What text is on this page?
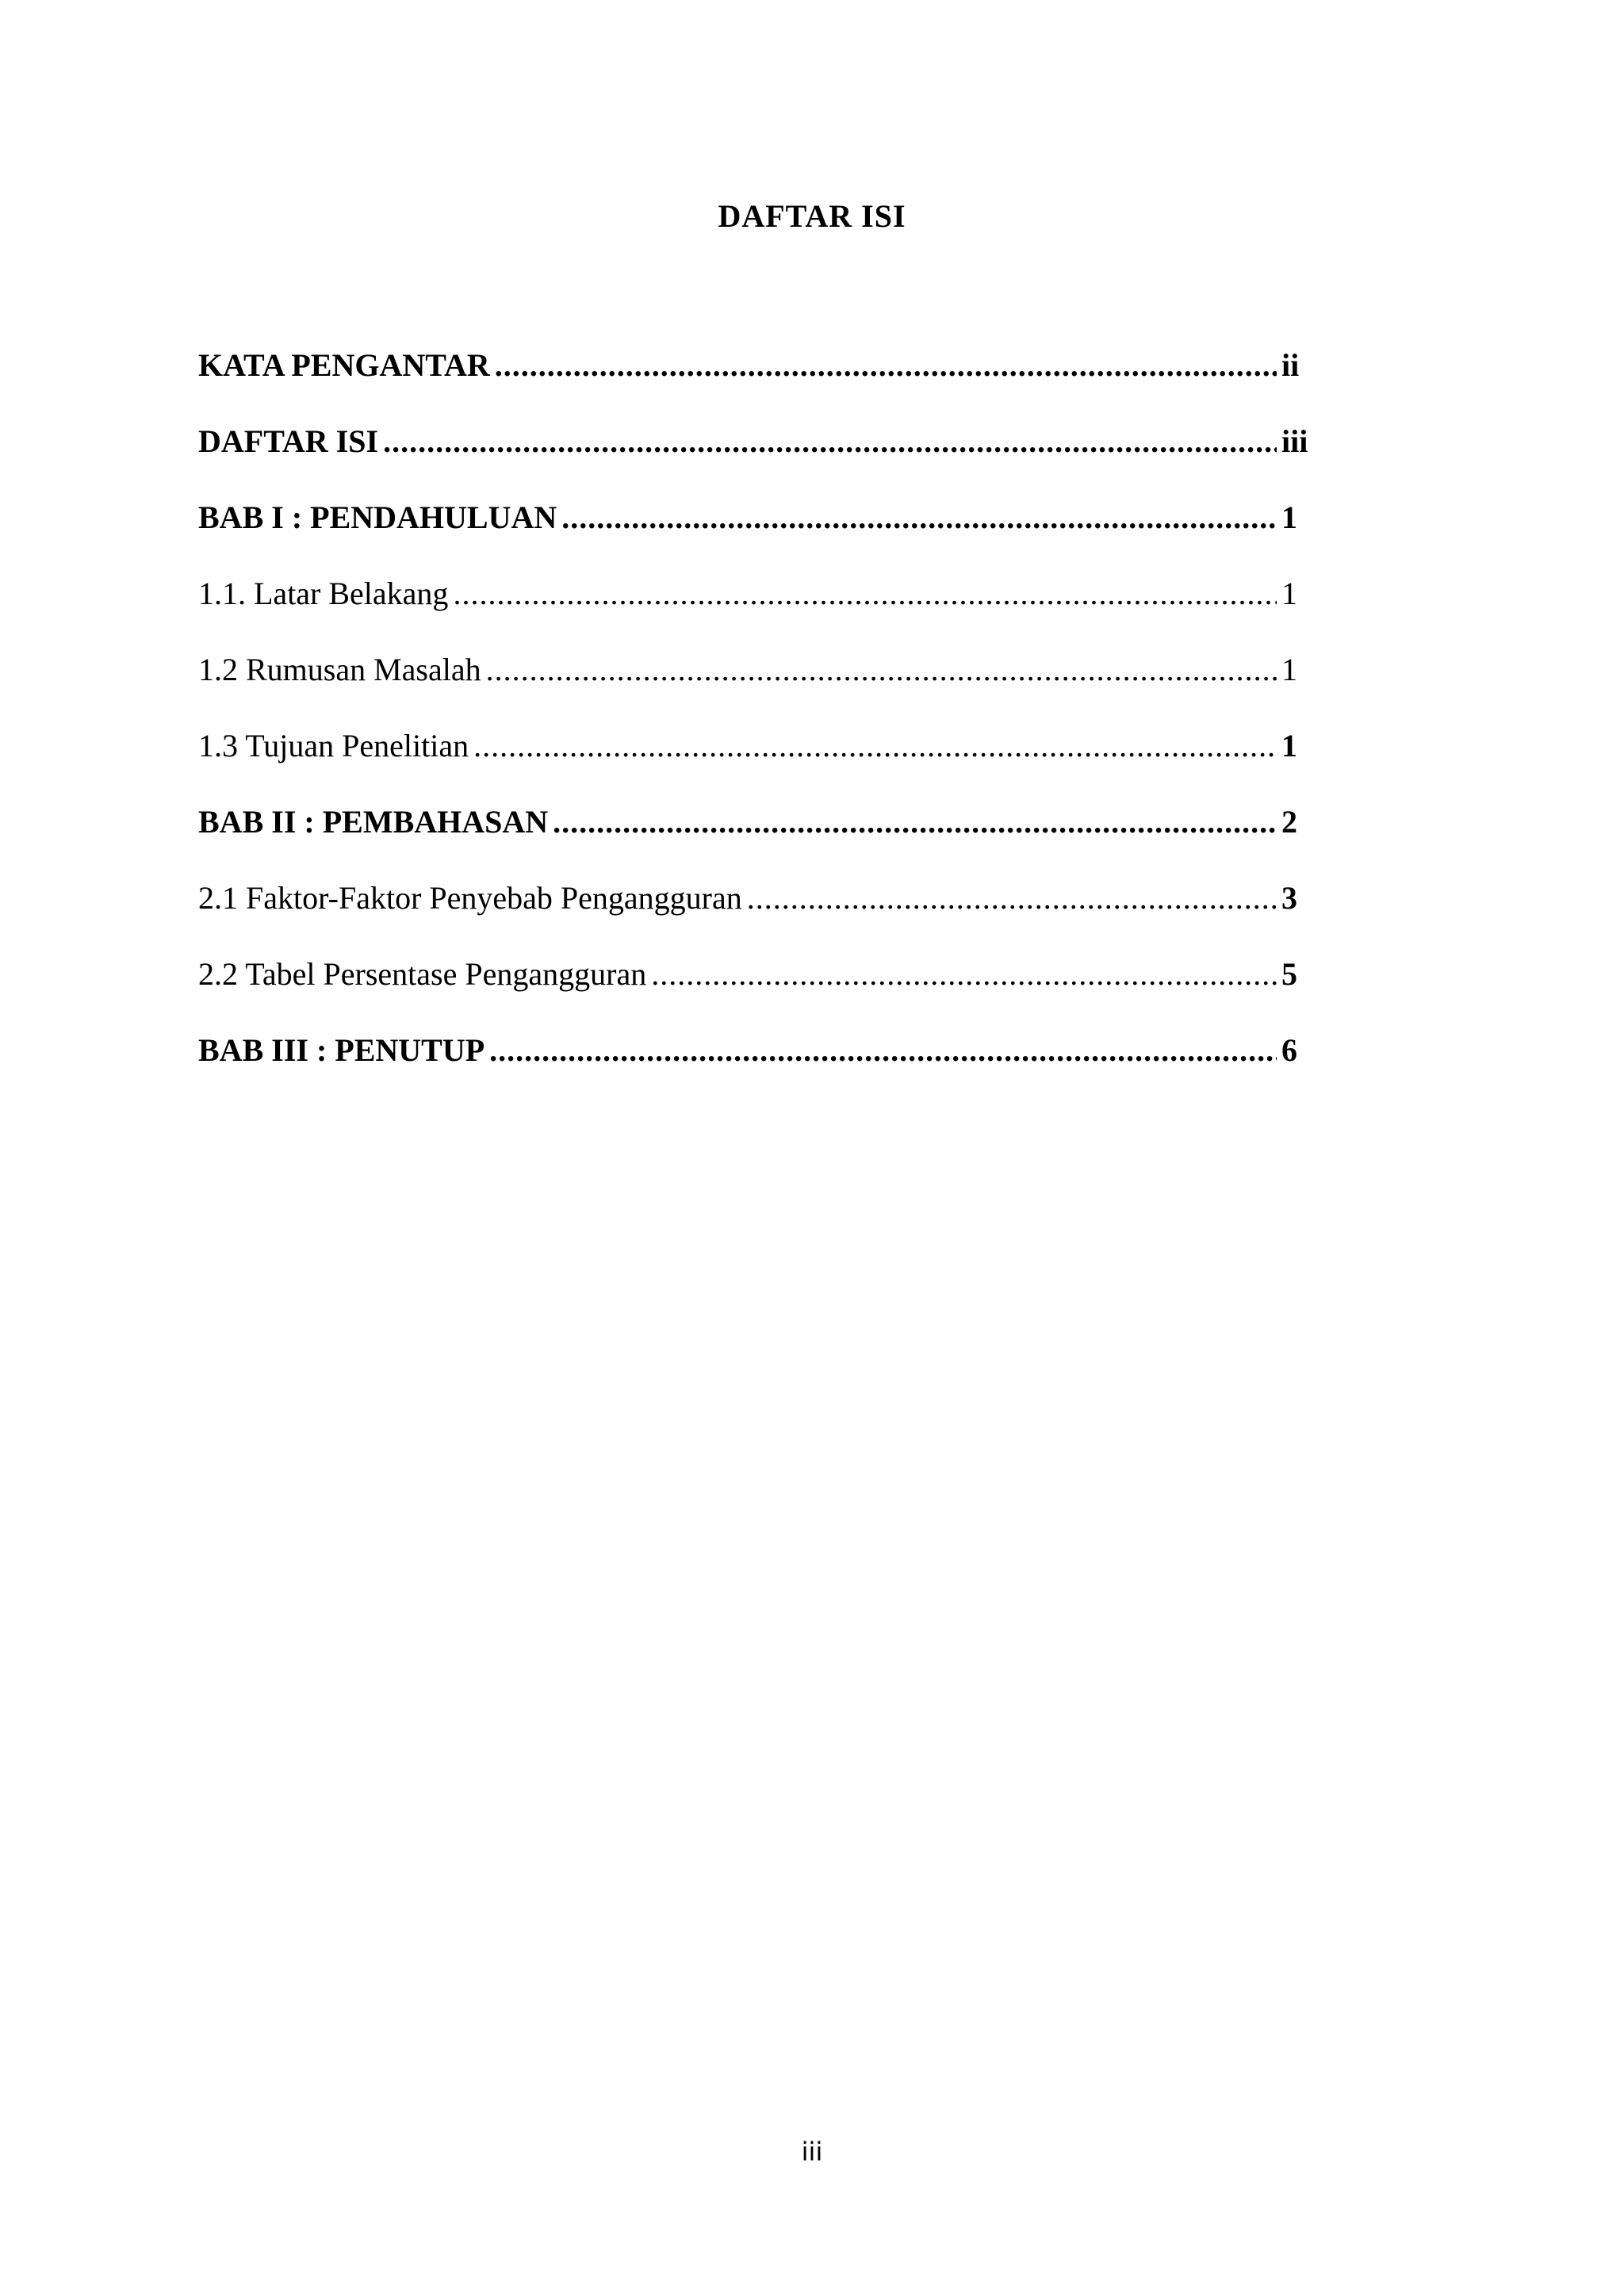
DAFTAR ISI
KATA PENGANTAR .....	ii
DAFTAR ISI .....	iii
BAB I : PENDAHULUAN .....	1
1.1. Latar Belakang .....	1
1.2 Rumusan Masalah .....	1
1.3 Tujuan Penelitian .....	1
BAB II : PEMBAHASAN .....	2
2.1 Faktor-Faktor Penyebab Pengangguran .....	3
2.2 Tabel Persentase Pengangguran .....	5
BAB III : PENUTUP .....	6
iii
